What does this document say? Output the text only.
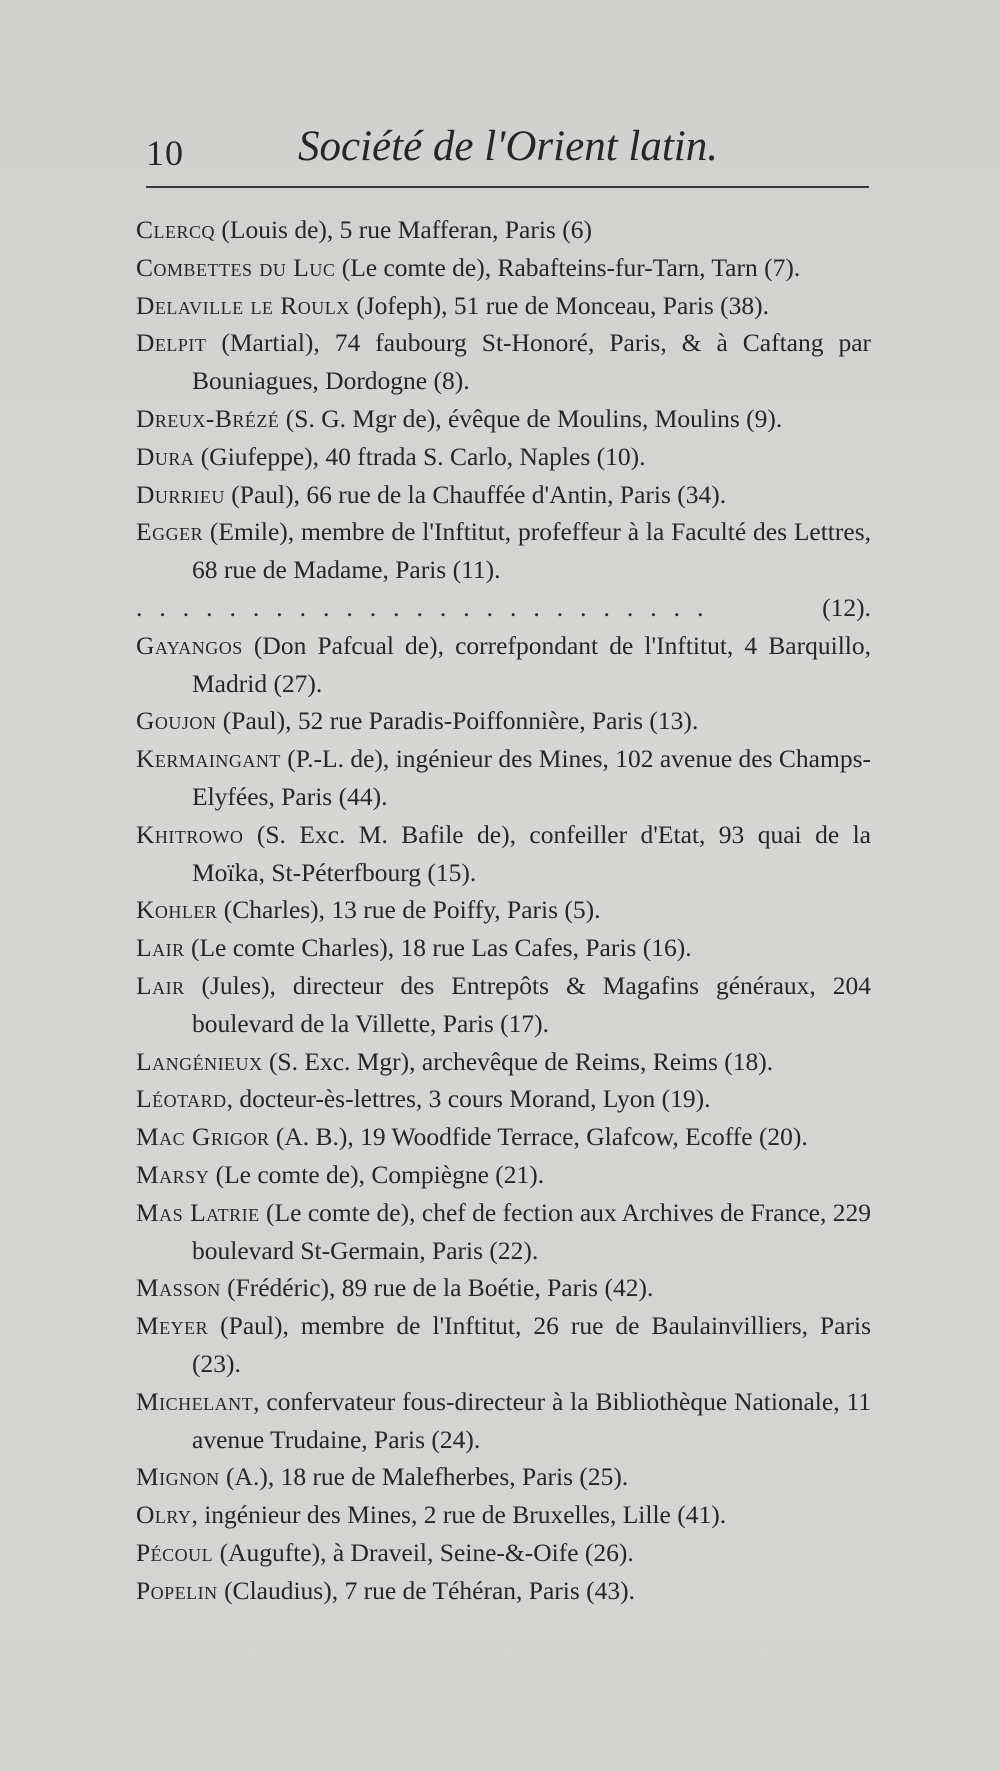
10	Société de l'Orient latin.
Clercq (Louis de), 5 rue Mafferan, Paris (6)
Combettes du Luc (Le comte de), Rabafteins-fur-Tarn, Tarn (7).
Delaville le Roulx (Jofeph), 51 rue de Monceau, Paris (38).
Delpit (Martial), 74 faubourg St-Honoré, Paris, & à Caftang par Bouniagues, Dordogne (8).
Dreux-Brézé (S. G. Mgr de), évêque de Moulins, Moulins (9).
Dura (Giufeppe), 40 ftrada S. Carlo, Naples (10).
Durrieu (Paul), 66 rue de la Chauffée d'Antin, Paris (34).
Egger (Emile), membre de l'Inftitut, profeffeur à la Faculté des Lettres, 68 rue de Madame, Paris (11).
.........................	(12).
Gayangos (Don Pafcual de), correfpondant de l'Inftitut, 4 Barquillo, Madrid (27).
Goujon (Paul), 52 rue Paradis-Poiffonnière, Paris (13).
Kermaingant (P.-L. de), ingénieur des Mines, 102 avenue des Champs-Elyfées, Paris (44).
Khitrowo (S. Exc. M. Bafile de), confeiller d'Etat, 93 quai de la Moïka, St-Péterfbourg (15).
Kohler (Charles), 13 rue de Poiffy, Paris (5).
Lair (Le comte Charles), 18 rue Las Cafes, Paris (16).
Lair (Jules), directeur des Entrepôts & Magafins généraux, 204 boulevard de la Villette, Paris (17).
Langénieux (S. Exc. Mgr), archevêque de Reims, Reims (18).
Léotard, docteur-ès-lettres, 3 cours Morand, Lyon (19).
Mac Grigor (A. B.), 19 Woodfide Terrace, Glafcow, Ecoffe (20).
Marsy (Le comte de), Compiègne (21).
Mas Latrie (Le comte de), chef de fection aux Archives de France, 229 boulevard St-Germain, Paris (22).
Masson (Frédéric), 89 rue de la Boétie, Paris (42).
Meyer (Paul), membre de l'Inftitut, 26 rue de Baulainvilliers, Paris (23).
Michelant, confervateur fous-directeur à la Bibliothèque Nationale, 11 avenue Trudaine, Paris (24).
Mignon (A.), 18 rue de Malefherbes, Paris (25).
Olry, ingénieur des Mines, 2 rue de Bruxelles, Lille (41).
Pécoul (Augufte), à Draveil, Seine-&-Oife (26).
Popelin (Claudius), 7 rue de Téhéran, Paris (43).
